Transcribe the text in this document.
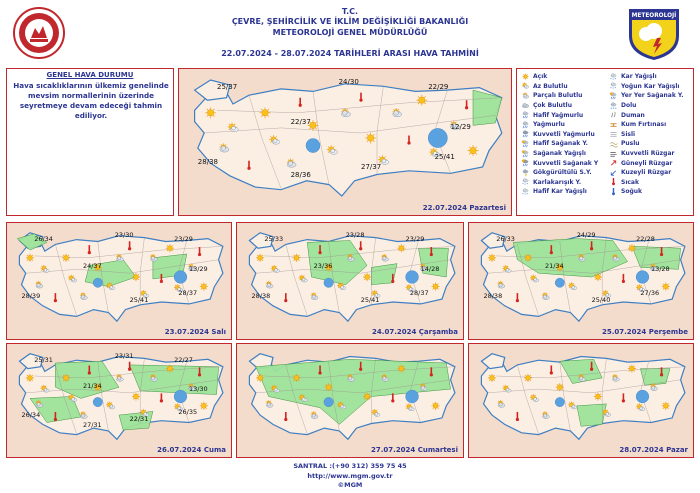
T.C.
ÇEVRE, ŞEHİRCİLİK VE İKLİM DEĞİŞİKLİĞİ BAKANLIĞI
METEOROLOJİ GENEL MÜDÜRLÜĞÜ
22.07.2024 - 28.07.2024 TARİHLERİ ARASI HAVA TAHMİNİ
METEOROLOJİ
GENEL HAVA DURUMU
Hava sıcaklıklarının ülkemiz genelinde mevsim normallerinin üzerinde seyretmeye devam edeceği tahmin ediliyor.
25/37
24/30
22/29
22/37
12/29
28/38
27/37
25/41
28/36
22.07.2024 Pazartesi
Açık
Az Bulutlu
Parçalı Bulutlu
Çok Bulutlu
Hafif Yağmurlu
Yağmurlu
Kuvvetli Yağmurlu
Hafif Sağanak Y.
Sağanak Yağışlı
Kuvvetli Sağanak Y
Gökgürültülü S.Y.
* * * Karlakarışık Y.
* * * Hafif Kar Yağışlı
* * * Kar Yağışlı
* * * Yoğun Kar Yağışlı
Yer Yer Sağanak Y.
Dolu
Duman
Kum Fırtınası
Sisli
Puslu
Kuvvetli Rüzgar
Güneyli Rüzgar
Kuzeyli Rüzgar
Sıcak
Soğuk
26/34	23/30	23/29
24/37	13/29
28/39	25/41
28/37
23.07.2024 Salı
25/33	23/28	23/29
23/36	14/28
28/38	25/41
28/37
24.07.2024 Çarşamba
26/33	24/29	22/28
21/34	13/28
28/38	25/40
27/36
25.07.2024 Perşembe
25/31	23/31	22/27
21/34	13/30
26/34	22/31
26/35
27/31
26.07.2024 Cuma	27.07.2024 Cumartesi	28.07.2024 Pazar
SANTRAL :(+90 312) 359 75 45
http://www.mgm.gov.tr
©MGM
